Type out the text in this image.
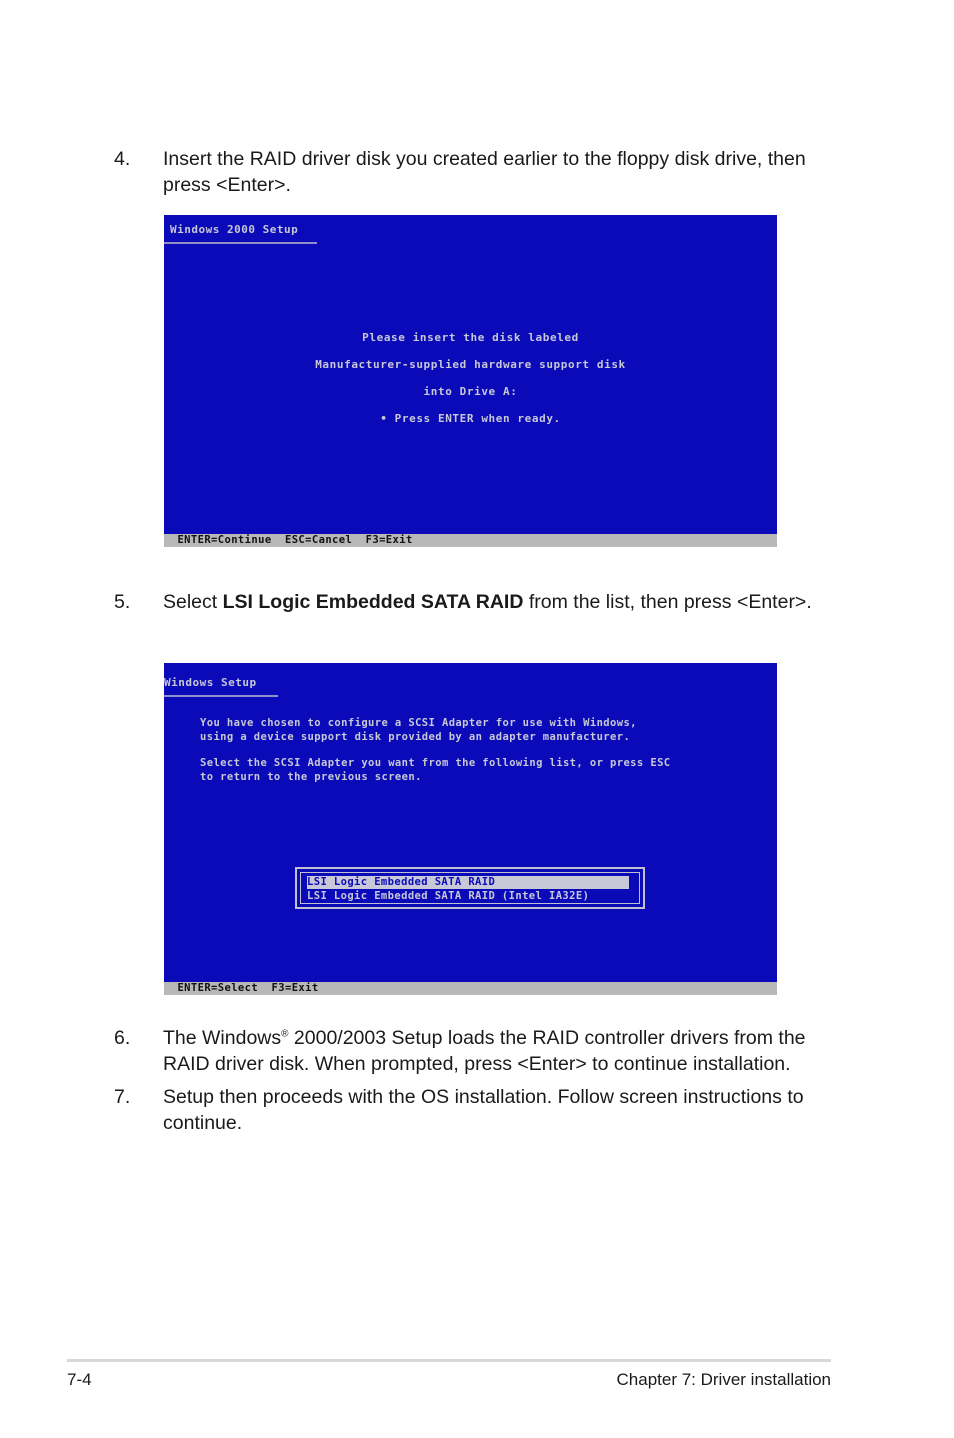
4. Insert the RAID driver disk you created earlier to the floppy disk drive, then press <Enter>.
Windows 2000 Setup
Please insert the disk labeled
Manufacturer-supplied hardware support disk
into Drive A:
• Press ENTER when ready.
ENTER=Continue  ESC=Cancel  F3=Exit
5. Select LSI Logic Embedded SATA RAID from the list, then press <Enter>.
Windows Setup
You have chosen to configure a SCSI Adapter for use with Windows,
using a device support disk provided by an adapter manufacturer.
Select the SCSI Adapter you want from the following list, or press ESC
to return to the previous screen.
LSI Logic Embedded SATA RAID
LSI Logic Embedded SATA RAID (Intel IA32E)
ENTER=Select  F3=Exit
6. The Windows® 2000/2003 Setup loads the RAID controller drivers from the RAID driver disk. When prompted, press <Enter> to continue installation.
7. Setup then proceeds with the OS installation. Follow screen instructions to continue.
7-4	Chapter 7: Driver installation
